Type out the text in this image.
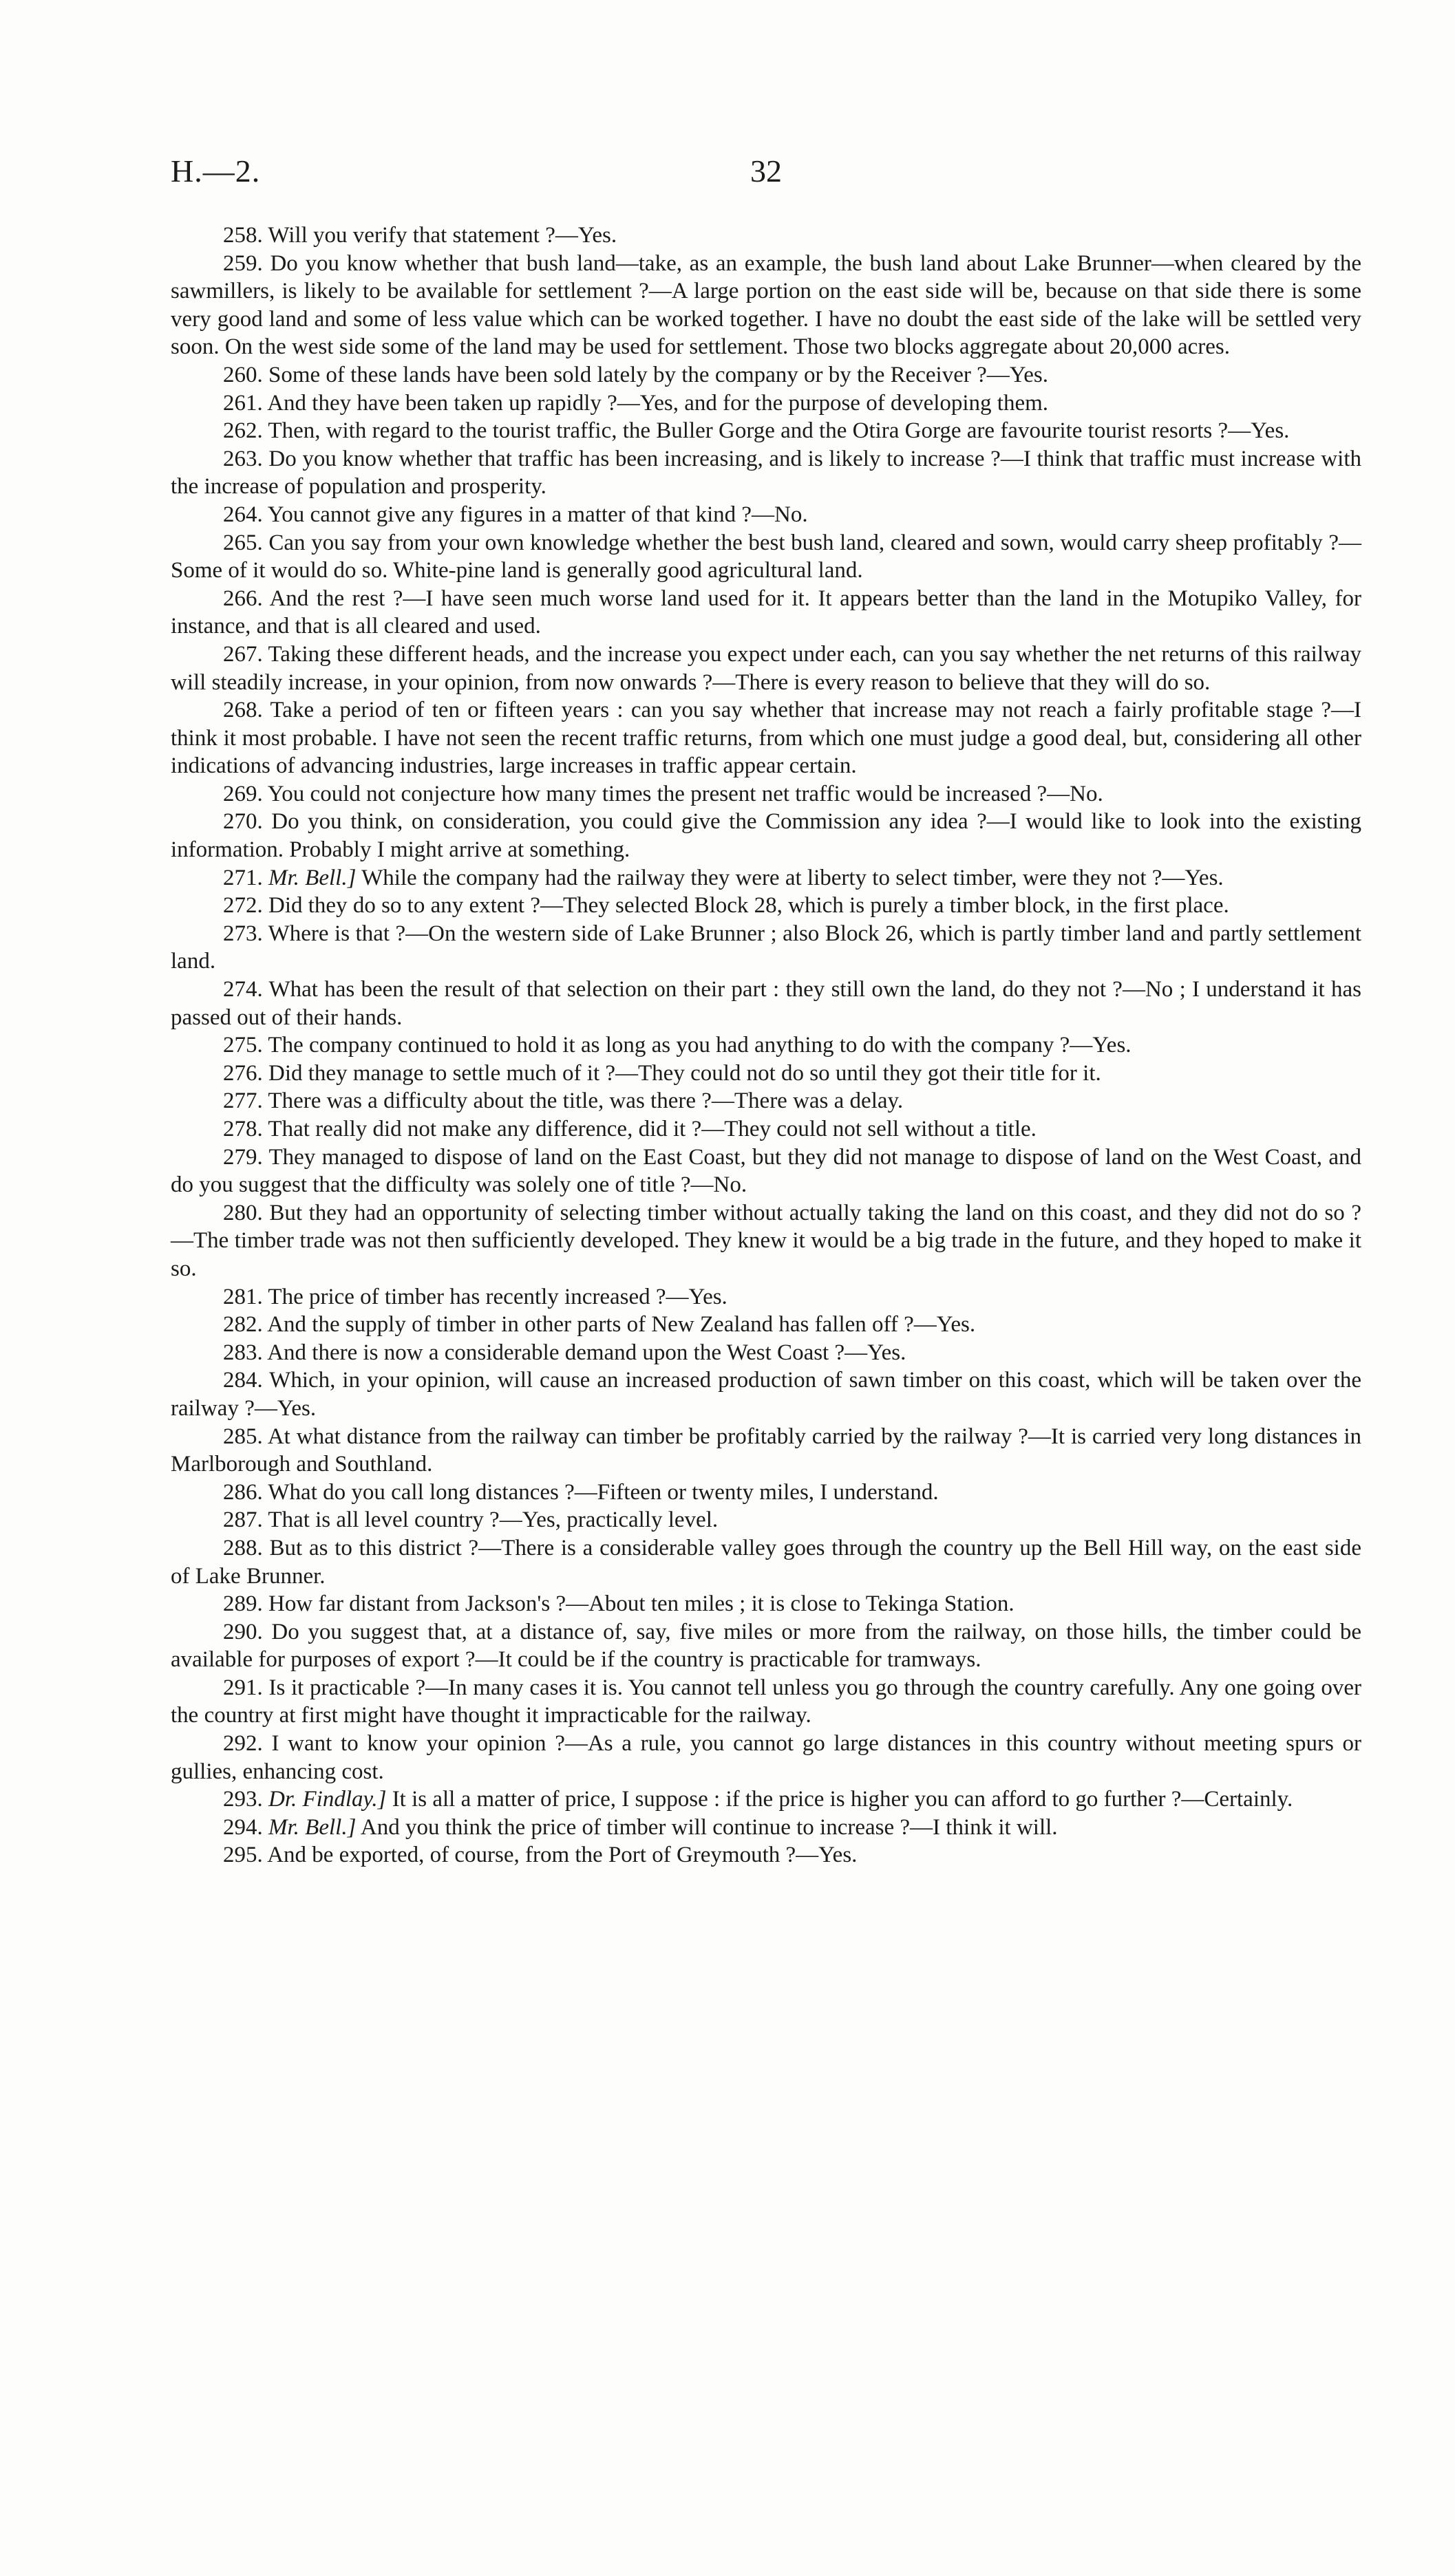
H.—2.	32

258. Will you verify that statement ?—Yes.

259. Do you know whether that bush land—take, as an example, the bush land about Lake Brunner—when cleared by the sawmillers, is likely to be available for settlement ?—A large portion on the east side will be, because on that side there is some very good land and some of less value which can be worked together. I have no doubt the east side of the lake will be settled very soon. On the west side some of the land may be used for settlement. Those two blocks aggregate about 20,000 acres.

260. Some of these lands have been sold lately by the company or by the Receiver ?—Yes.

261. And they have been taken up rapidly ?—Yes, and for the purpose of developing them.

262. Then, with regard to the tourist traffic, the Buller Gorge and the Otira Gorge are favourite tourist resorts ?—Yes.

263. Do you know whether that traffic has been increasing, and is likely to increase ?—I think that traffic must increase with the increase of population and prosperity.

264. You cannot give any figures in a matter of that kind ?—No.

265. Can you say from your own knowledge whether the best bush land, cleared and sown, would carry sheep profitably ?—Some of it would do so. White-pine land is generally good agricultural land.

266. And the rest ?—I have seen much worse land used for it. It appears better than the land in the Motupiko Valley, for instance, and that is all cleared and used.

267. Taking these different heads, and the increase you expect under each, can you say whether the net returns of this railway will steadily increase, in your opinion, from now onwards ?—There is every reason to believe that they will do so.

268. Take a period of ten or fifteen years : can you say whether that increase may not reach a fairly profitable stage ?—I think it most probable. I have not seen the recent traffic returns, from which one must judge a good deal, but, considering all other indications of advancing industries, large increases in traffic appear certain.

269. You could not conjecture how many times the present net traffic would be increased ?—No.

270. Do you think, on consideration, you could give the Commission any idea ?—I would like to look into the existing information. Probably I might arrive at something.

271. Mr. Bell.] While the company had the railway they were at liberty to select timber, were they not ?—Yes.

272. Did they do so to any extent ?—They selected Block 28, which is purely a timber block, in the first place.

273. Where is that ?—On the western side of Lake Brunner ; also Block 26, which is partly timber land and partly settlement land.

274. What has been the result of that selection on their part : they still own the land, do they not ?—No ; I understand it has passed out of their hands.

275. The company continued to hold it as long as you had anything to do with the company ?—Yes.

276. Did they manage to settle much of it ?—They could not do so until they got their title for it.

277. There was a difficulty about the title, was there ?—There was a delay.

278. That really did not make any difference, did it ?—They could not sell without a title.

279. They managed to dispose of land on the East Coast, but they did not manage to dispose of land on the West Coast, and do you suggest that the difficulty was solely one of title ?—No.

280. But they had an opportunity of selecting timber without actually taking the land on this coast, and they did not do so ?—The timber trade was not then sufficiently developed. They knew it would be a big trade in the future, and they hoped to make it so.

281. The price of timber has recently increased ?—Yes.

282. And the supply of timber in other parts of New Zealand has fallen off ?—Yes.

283. And there is now a considerable demand upon the West Coast ?—Yes.

284. Which, in your opinion, will cause an increased production of sawn timber on this coast, which will be taken over the railway ?—Yes.

285. At what distance from the railway can timber be profitably carried by the railway ?—It is carried very long distances in Marlborough and Southland.

286. What do you call long distances ?—Fifteen or twenty miles, I understand.

287. That is all level country ?—Yes, practically level.

288. But as to this district ?—There is a considerable valley goes through the country up the Bell Hill way, on the east side of Lake Brunner.

289. How far distant from Jackson's ?—About ten miles ; it is close to Tekinga Station.

290. Do you suggest that, at a distance of, say, five miles or more from the railway, on those hills, the timber could be available for purposes of export ?—It could be if the country is practicable for tramways.

291. Is it practicable ?—In many cases it is. You cannot tell unless you go through the country carefully. Any one going over the country at first might have thought it impracticable for the railway.

292. I want to know your opinion ?—As a rule, you cannot go large distances in this country without meeting spurs or gullies, enhancing cost.

293. Dr. Findlay.] It is all a matter of price, I suppose : if the price is higher you can afford to go further ?—Certainly.

294. Mr. Bell.] And you think the price of timber will continue to increase ?—I think it will.

295. And be exported, of course, from the Port of Greymouth ?—Yes.
